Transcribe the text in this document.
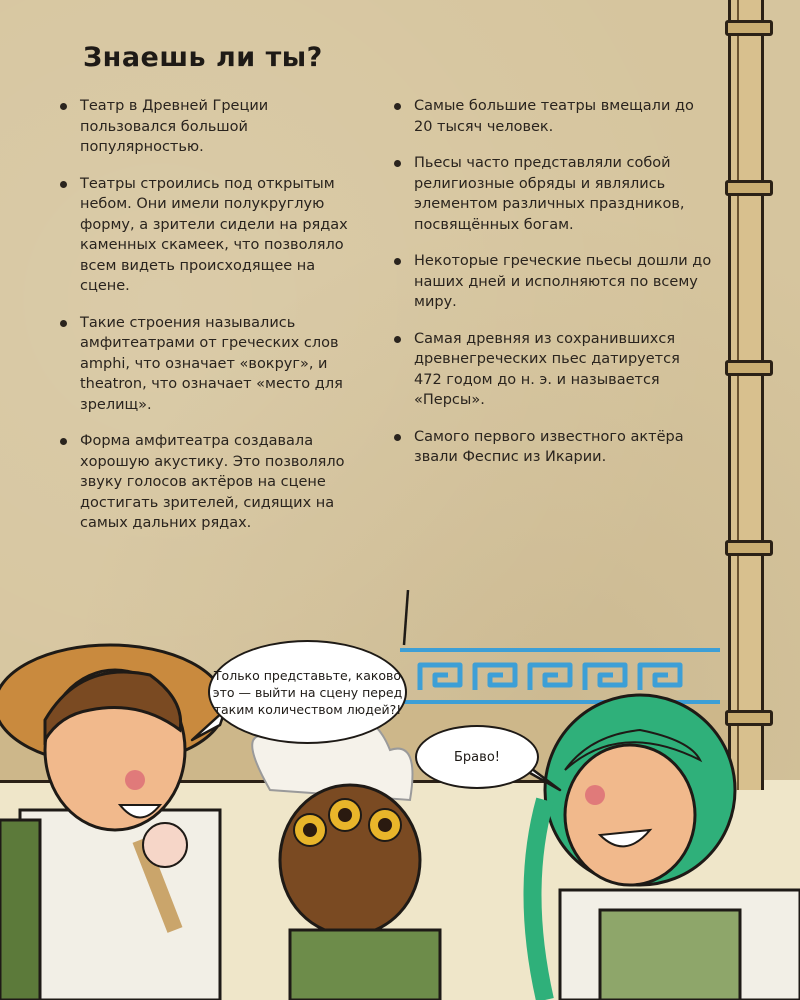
Знаешь ли ты?
Театр в Древней Греции пользовался большой популярностью.
Театры строились под открытым небом. Они имели полукруглую форму, а зрители сидели на рядах каменных скамеек, что позволяло всем видеть происходящее на сцене.
Такие строения назывались амфитеатрами от греческих слов amphi, что означает «вокруг», и theatron, что означает «место для зрелищ».
Форма амфитеатра создавала хорошую акустику. Это позволяло звуку голосов актёров на сцене достигать зрителей, сидящих на самых дальних рядах.
Самые большие театры вмещали до 20 тысяч человек.
Пьесы часто представляли собой религиозные обряды и являлись элементом различных праздников, посвящённых богам.
Некоторые греческие пьесы дошли до наших дней и исполняются по всему миру.
Самая древняя из сохранившихся древнегреческих пьес датируется 472 годом до н. э. и называется «Персы».
Самого первого известного актёра звали Феспис из Икарии.
Только представьте, каково это — выйти на сцену перед таким количеством людей?!
Браво!
